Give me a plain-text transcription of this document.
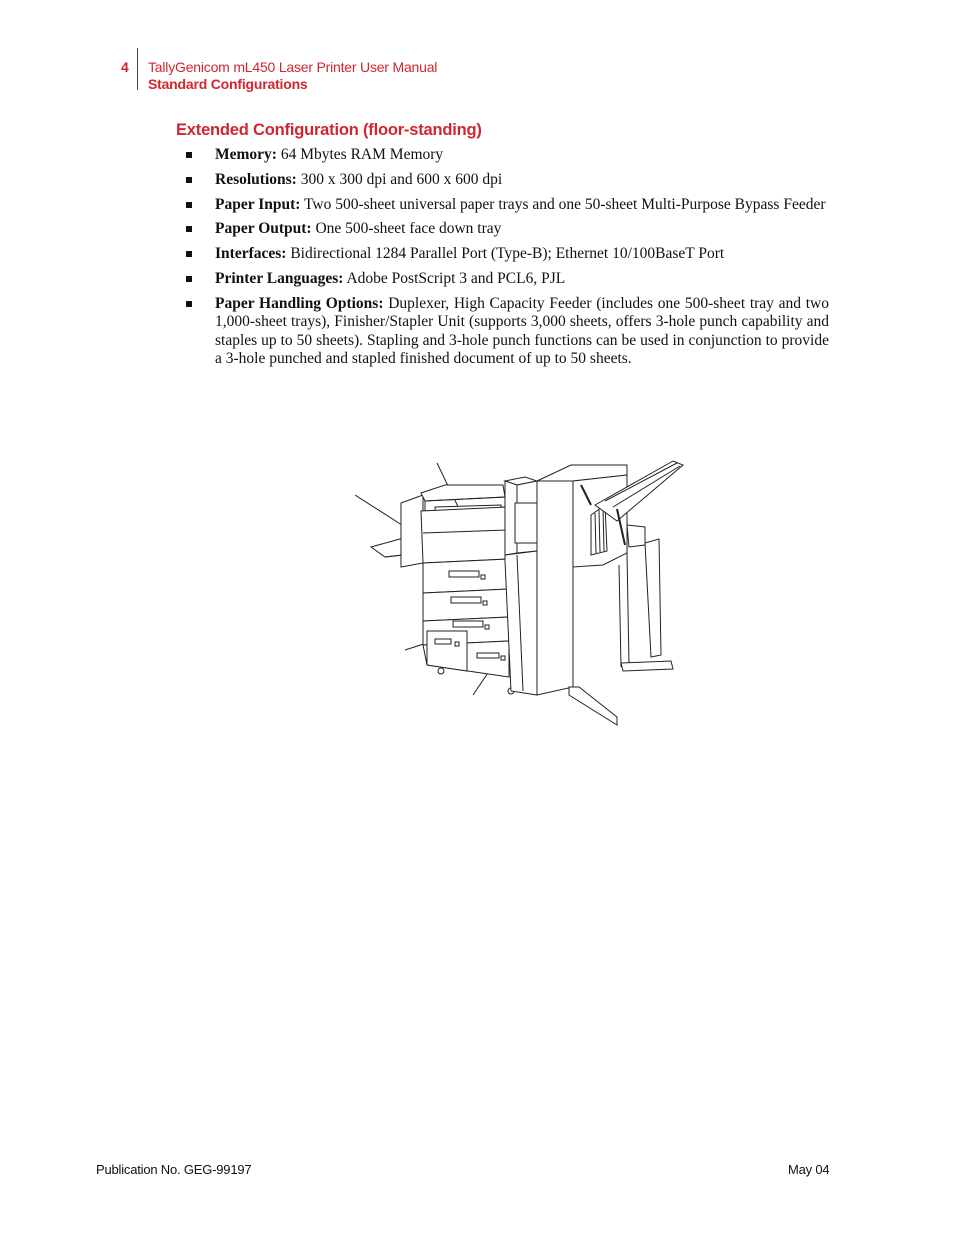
4 TallyGenicom mL450 Laser Printer User Manual
Standard Configurations
Extended Configuration (floor-standing)
Memory: 64 Mbytes RAM Memory
Resolutions: 300 x 300 dpi and 600 x 600 dpi
Paper Input: Two 500-sheet universal paper trays and one 50-sheet Multi-Purpose Bypass Feeder
Paper Output: One 500-sheet face down tray
Interfaces: Bidirectional 1284 Parallel Port (Type-B); Ethernet 10/100BaseT Port
Printer Languages: Adobe PostScript 3 and PCL6, PJL
Paper Handling Options: Duplexer, High Capacity Feeder (includes one 500-sheet tray and two 1,000-sheet trays), Finisher/Stapler Unit (supports 3,000 sheets, offers 3-hole punch capability and staples up to 50 sheets). Stapling and 3-hole punch functions can be used in conjunction to provide a 3-hole punched and stapled finished document of up to 50 sheets.
Publication No. GEG-99197	May 04
